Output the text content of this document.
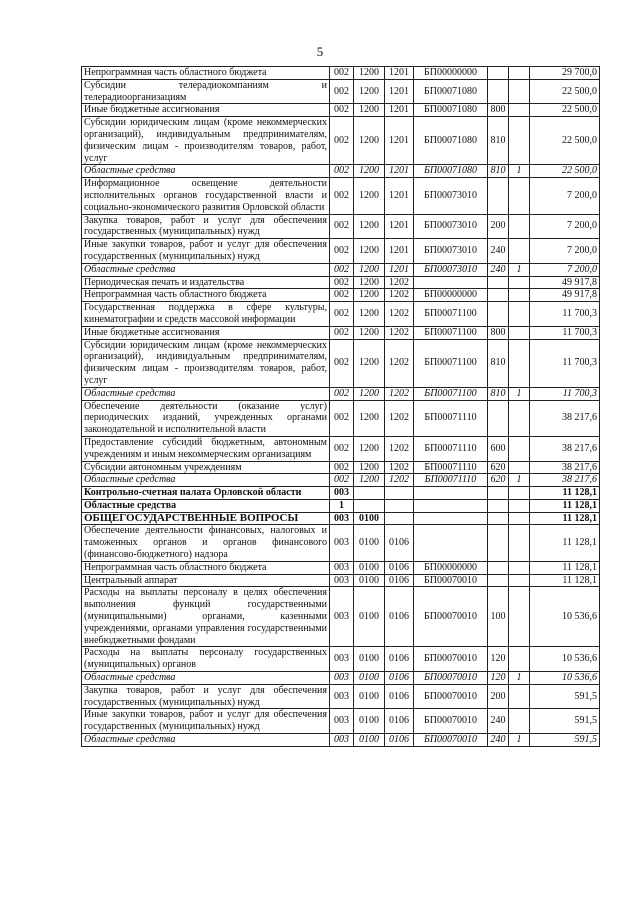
5
Непрограммная часть областного бюджета	002	1200	1201	БП00000000			29 700,0
Субсидии телерадиокомпаниям и телерадиоорганизациям	002	1200	1201	БП00071080			22 500,0
Иные бюджетные ассигнования	002	1200	1201	БП00071080	800		22 500,0
Субсидии юридическим лицам (кроме некоммерческих организаций), индивидуальным предпринимателям, физическим лицам - производителям товаров, работ, услуг	002	1200	1201	БП00071080	810		22 500,0
Областные средства	002	1200	1201	БП00071080	810	1	22 500,0
Информационное освещение деятельности исполнительных органов государственной власти и социально-экономического развития Орловской области	002	1200	1201	БП00073010			7 200,0
Закупка товаров, работ и услуг для обеспечения государственных (муниципальных) нужд	002	1200	1201	БП00073010	200		7 200,0
Иные закупки товаров, работ и услуг для обеспечения государственных (муниципальных) нужд	002	1200	1201	БП00073010	240		7 200,0
Областные средства	002	1200	1201	БП00073010	240	1	7 200,0
Периодическая печать и издательства	002	1200	1202				49 917,8
Непрограммная часть областного бюджета	002	1200	1202	БП00000000			49 917,8
Государственная поддержка в сфере культуры, кинематографии и средств массовой информации	002	1200	1202	БП00071100			11 700,3
Иные бюджетные ассигнования	002	1200	1202	БП00071100	800		11 700,3
Субсидии юридическим лицам (кроме некоммерческих организаций), индивидуальным предпринимателям, физическим лицам - производителям товаров, работ, услуг	002	1200	1202	БП00071100	810		11 700,3
Областные средства	002	1200	1202	БП00071100	810	1	11 700,3
Обеспечение деятельности (оказание услуг) периодических изданий, учрежденных органами законодательной и исполнительной власти	002	1200	1202	БП00071110			38 217,6
Предоставление субсидий бюджетным, автономным учреждениям и иным некоммерческим организациям	002	1200	1202	БП00071110	600		38 217,6
Субсидии автономным учреждениям	002	1200	1202	БП00071110	620		38 217,6
Областные средства	002	1200	1202	БП00071110	620	1	38 217,6
Контрольно-счетная палата Орловской области	003						11 128,1
Областные средства	1						11 128,1
ОБЩЕГОСУДАРСТВЕННЫЕ ВОПРОСЫ	003	0100					11 128,1
Обеспечение деятельности финансовых, налоговых и таможенных органов и органов финансового (финансово-бюджетного) надзора	003	0100	0106				11 128,1
Непрограммная часть областного бюджета	003	0100	0106	БП00000000			11 128,1
Центральный аппарат	003	0100	0106	БП00070010			11 128,1
Расходы на выплаты персоналу в целях обеспечения выполнения функций государственными (муниципальными) органами, казенными учреждениями, органами управления государственными внебюджетными фондами	003	0100	0106	БП00070010	100		10 536,6
Расходы на выплаты персоналу государственных (муниципальных) органов	003	0100	0106	БП00070010	120		10 536,6
Областные средства	003	0100	0106	БП00070010	120	1	10 536,6
Закупка товаров, работ и услуг для обеспечения государственных (муниципальных) нужд	003	0100	0106	БП00070010	200		591,5
Иные закупки товаров, работ и услуг для обеспечения государственных (муниципальных) нужд	003	0100	0106	БП00070010	240		591,5
Областные средства	003	0100	0106	БП00070010	240	1	591,5
